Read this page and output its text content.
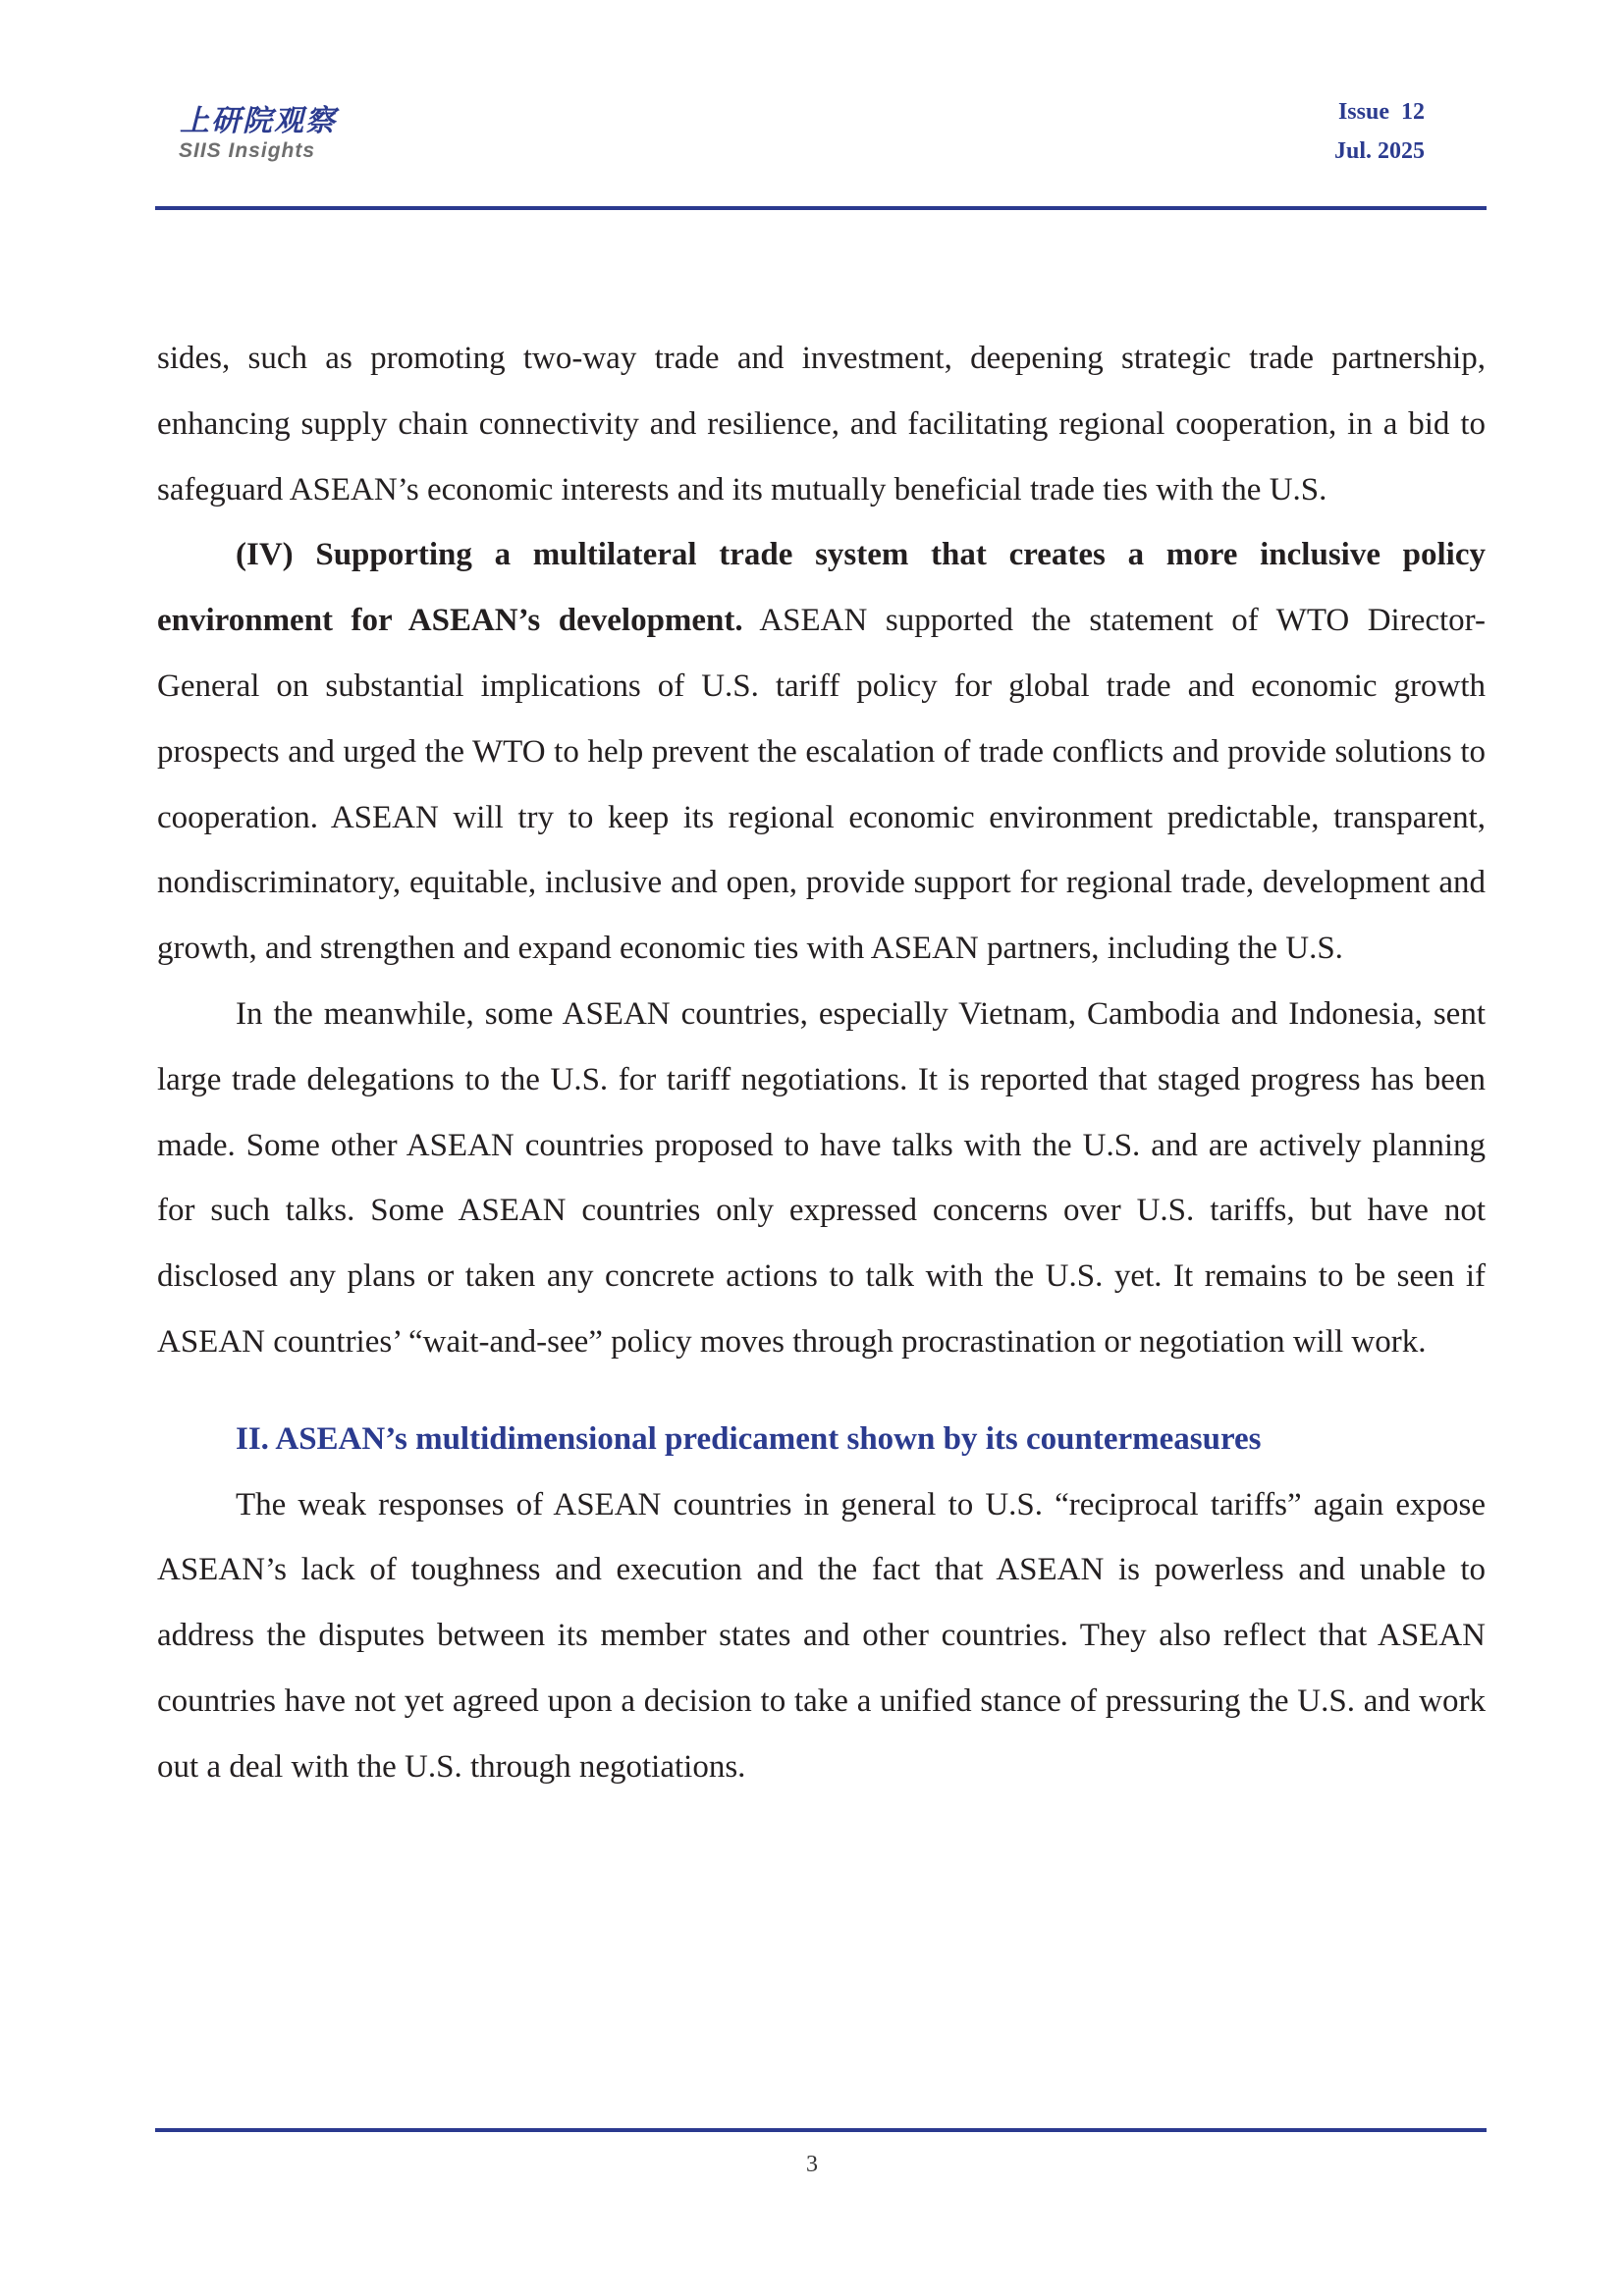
上研院观察
SIIS Insights
Issue  12
Jul. 2025

sides, such as promoting two-way trade and investment, deepening strategic trade partnership, enhancing supply chain connectivity and resilience, and facilitating regional cooperation, in a bid to safeguard ASEAN’s economic interests and its mutually beneficial trade ties with the U.S.

(IV) Supporting a multilateral trade system that creates a more inclusive policy environment for ASEAN’s development. ASEAN supported the statement of WTO Director-General on substantial implications of U.S. tariff policy for global trade and economic growth prospects and urged the WTO to help prevent the escalation of trade conflicts and provide solutions to cooperation. ASEAN will try to keep its regional economic environment predictable, transparent, nondiscriminatory, equitable, inclusive and open, provide support for regional trade, development and growth, and strengthen and expand economic ties with ASEAN partners, including the U.S.

In the meanwhile, some ASEAN countries, especially Vietnam, Cambodia and Indonesia, sent large trade delegations to the U.S. for tariff negotiations. It is reported that staged progress has been made. Some other ASEAN countries proposed to have talks with the U.S. and are actively planning for such talks. Some ASEAN countries only expressed concerns over U.S. tariffs, but have not disclosed any plans or taken any concrete actions to talk with the U.S. yet. It remains to be seen if ASEAN countries’ “wait-and-see” policy moves through procrastination or negotiation will work.

II. ASEAN’s multidimensional predicament shown by its countermeasures

The weak responses of ASEAN countries in general to U.S. “reciprocal tariffs” again expose ASEAN’s lack of toughness and execution and the fact that ASEAN is powerless and unable to address the disputes between its member states and other countries. They also reflect that ASEAN countries have not yet agreed upon a decision to take a unified stance of pressuring the U.S. and work out a deal with the U.S. through negotiations.

3
